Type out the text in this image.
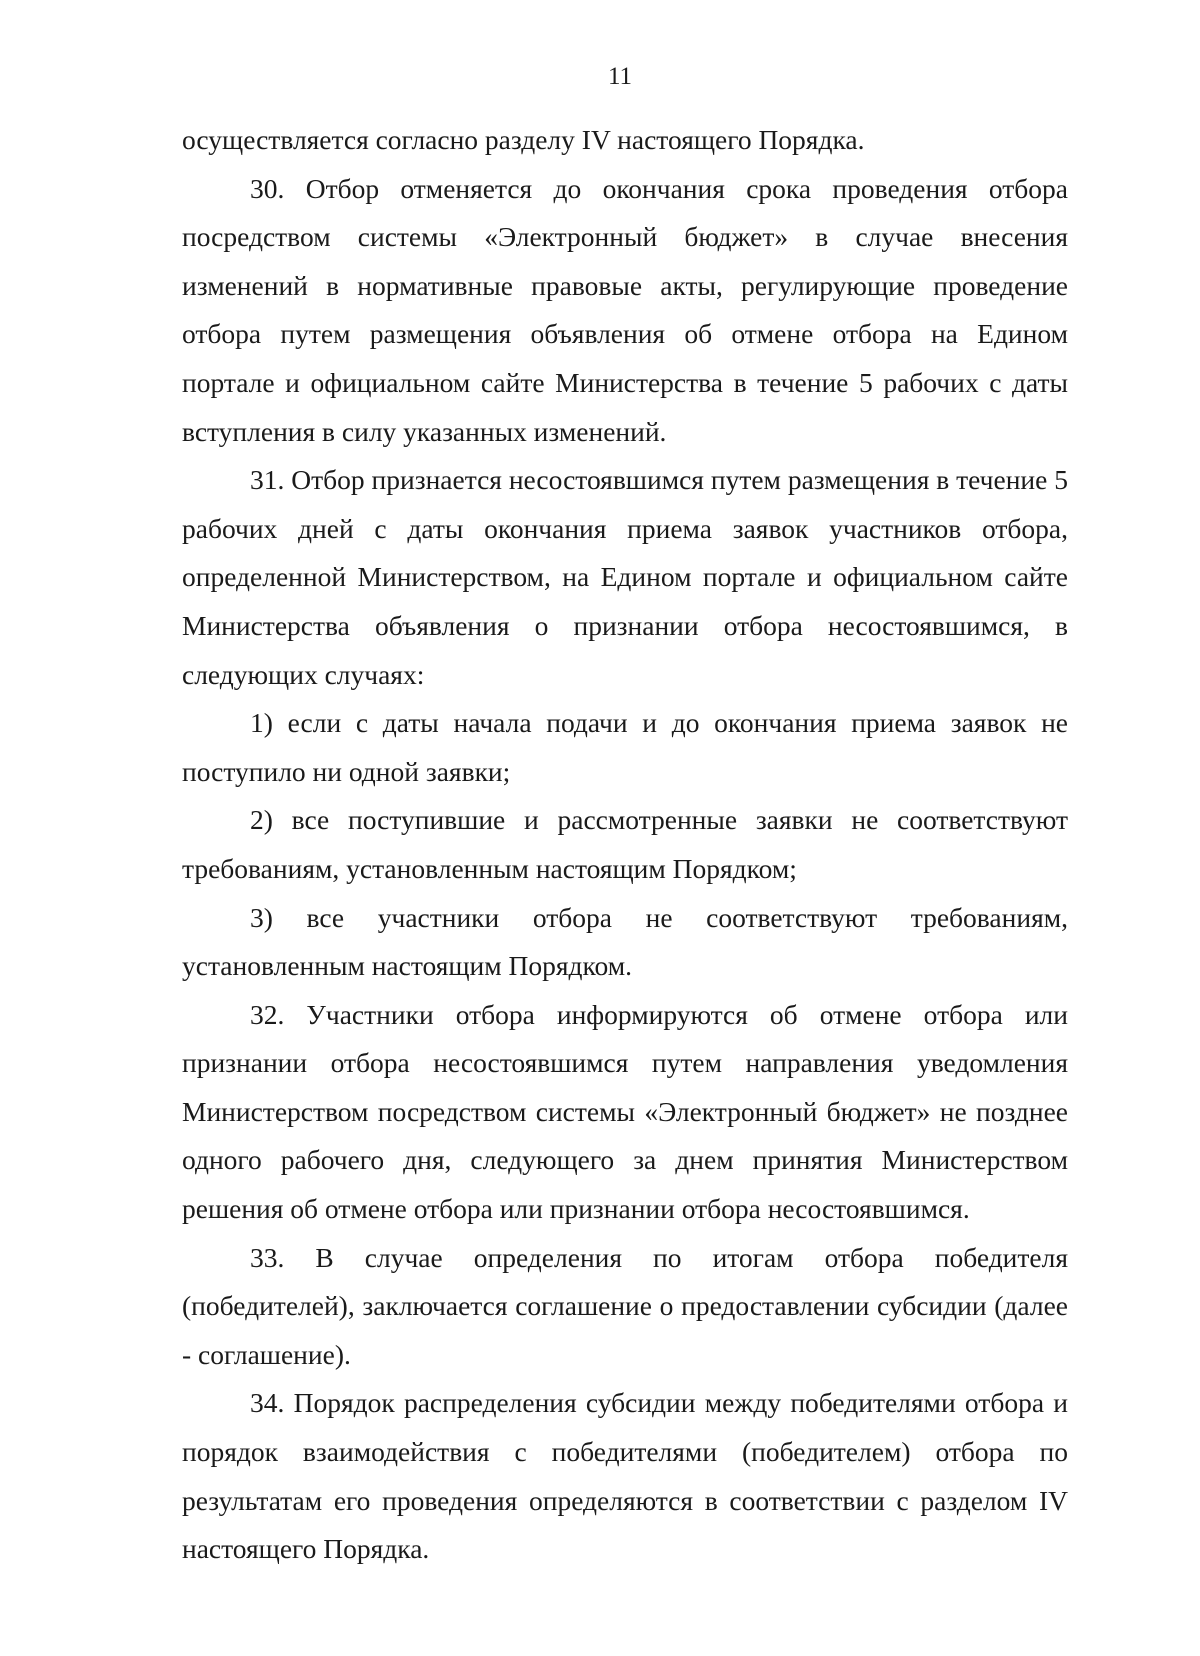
11

осуществляется согласно разделу IV настоящего Порядка.

30. Отбор отменяется до окончания срока проведения отбора посредством системы «Электронный бюджет» в случае внесения изменений в нормативные правовые акты, регулирующие проведение отбора путем размещения объявления об отмене отбора на Едином портале и официальном сайте Министерства в течение 5 рабочих с даты вступления в силу указанных изменений.

31. Отбор признается несостоявшимся путем размещения в течение 5 рабочих дней с даты окончания приема заявок участников отбора, определенной Министерством, на Едином портале и официальном сайте Министерства объявления о признании отбора несостоявшимся, в следующих случаях:

1) если с даты начала подачи и до окончания приема заявок не поступило ни одной заявки;

2) все поступившие и рассмотренные заявки не соответствуют требованиям, установленным настоящим Порядком;

3) все участники отбора не соответствуют требованиям, установленным настоящим Порядком.

32. Участники отбора информируются об отмене отбора или признании отбора несостоявшимся путем направления уведомления Министерством посредством системы «Электронный бюджет» не позднее одного рабочего дня, следующего за днем принятия Министерством решения об отмене отбора или признании отбора несостоявшимся.

33. В случае определения по итогам отбора победителя (победителей), заключается соглашение о предоставлении субсидии (далее - соглашение).

34. Порядок распределения субсидии между победителями отбора и порядок взаимодействия с победителями (победителем) отбора по результатам его проведения определяются в соответствии с разделом IV настоящего Порядка.
